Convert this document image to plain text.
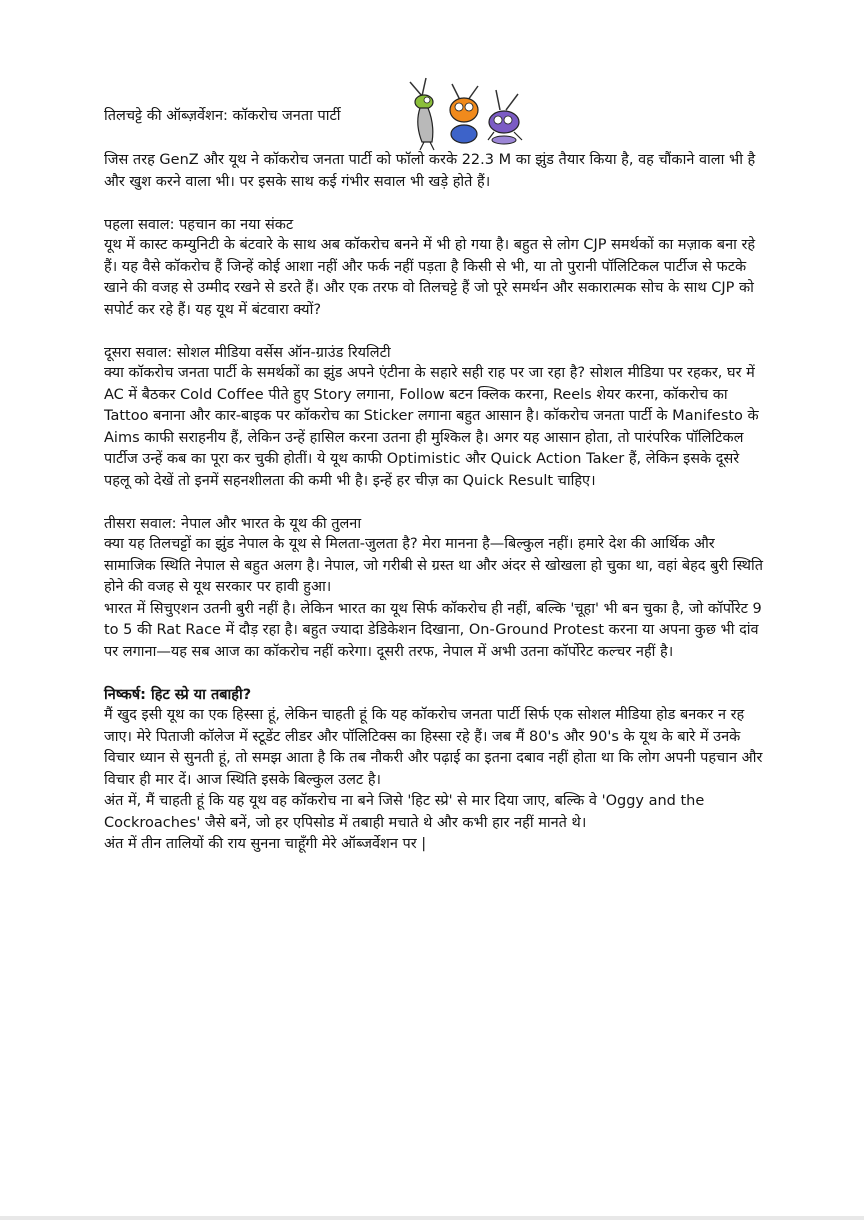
तिलचट्टे की ऑब्ज़र्वेशन: कॉकरोच जनता पार्टी

जिस तरह GenZ और यूथ ने कॉकरोच जनता पार्टी को फॉलो करके 22.3 M का झुंड तैयार किया है, वह चौंकाने वाला भी है और खुश करने वाला भी। पर इसके साथ कई गंभीर सवाल भी खड़े होते हैं।

पहला सवाल: पहचान का नया संकट

यूथ में कास्ट कम्युनिटी के बंटवारे के साथ अब कॉकरोच बनने में भी हो गया है। बहुत से लोग CJP समर्थकों का मज़ाक बना रहे हैं। यह वैसे कॉकरोच हैं जिन्हें कोई आशा नहीं और फर्क नहीं पड़ता है किसी से भी, या तो पुरानी पॉलिटिकल पार्टीज से फटके खाने की वजह से उम्मीद रखने से डरते हैं। और एक तरफ वो तिलचट्टे हैं जो पूरे समर्थन और सकारात्मक सोच के साथ CJP को सपोर्ट कर रहे हैं। यह यूथ में बंटवारा क्यों?

दूसरा सवाल: सोशल मीडिया वर्सेस ऑन-ग्राउंड रियलिटी

क्या कॉकरोच जनता पार्टी के समर्थकों का झुंड अपने एंटीना के सहारे सही राह पर जा रहा है? सोशल मीडिया पर रहकर, घर में AC में बैठकर Cold Coffee पीते हुए Story लगाना, Follow बटन क्लिक करना, Reels शेयर करना, कॉकरोच का Tattoo बनाना और कार-बाइक पर कॉकरोच का Sticker लगाना बहुत आसान है। कॉकरोच जनता पार्टी के Manifesto के Aims काफी सराहनीय हैं, लेकिन उन्हें हासिल करना उतना ही मुश्किल है। अगर यह आसान होता, तो पारंपरिक पॉलिटिकल पार्टीज उन्हें कब का पूरा कर चुकी होतीं। ये यूथ काफी Optimistic और Quick Action Taker हैं, लेकिन इसके दूसरे पहलू को देखें तो इनमें सहनशीलता की कमी भी है। इन्हें हर चीज़ का Quick Result चाहिए।

तीसरा सवाल: नेपाल और भारत के यूथ की तुलना

क्या यह तिलचट्टों का झुंड नेपाल के यूथ से मिलता-जुलता है? मेरा मानना है—बिल्कुल नहीं। हमारे देश की आर्थिक और सामाजिक स्थिति नेपाल से बहुत अलग है। नेपाल, जो गरीबी से ग्रस्त था और अंदर से खोखला हो चुका था, वहां बेहद बुरी स्थिति होने की वजह से यूथ सरकार पर हावी हुआ।

भारत में सिचुएशन उतनी बुरी नहीं है। लेकिन भारत का यूथ सिर्फ कॉकरोच ही नहीं, बल्कि 'चूहा' भी बन चुका है, जो कॉर्पोरेट 9 to 5 की Rat Race में दौड़ रहा है। बहुत ज्यादा डेडिकेशन दिखाना, On-Ground Protest करना या अपना कुछ भी दांव पर लगाना—यह सब आज का कॉकरोच नहीं करेगा। दूसरी तरफ, नेपाल में अभी उतना कॉर्पोरेट कल्चर नहीं है।

निष्कर्ष: हिट स्प्रे या तबाही?

मैं खुद इसी यूथ का एक हिस्सा हूं, लेकिन चाहती हूं कि यह कॉकरोच जनता पार्टी सिर्फ एक सोशल मीडिया होड बनकर न रह जाए। मेरे पिताजी कॉलेज में स्टूडेंट लीडर और पॉलिटिक्स का हिस्सा रहे हैं। जब मैं 80's और 90's के यूथ के बारे में उनके विचार ध्यान से सुनती हूं, तो समझ आता है कि तब नौकरी और पढ़ाई का इतना दबाव नहीं होता था कि लोग अपनी पहचान और विचार ही मार दें। आज स्थिति इसके बिल्कुल उलट है।

अंत में, मैं चाहती हूं कि यह यूथ वह कॉकरोच ना बने जिसे 'हिट स्प्रे' से मार दिया जाए, बल्कि वे 'Oggy and the Cockroaches' जैसे बनें, जो हर एपिसोड में तबाही मचाते थे और कभी हार नहीं मानते थे।

अंत में तीन तालियों की राय सुनना चाहूँगी मेरे ऑब्जर्वेशन पर |
